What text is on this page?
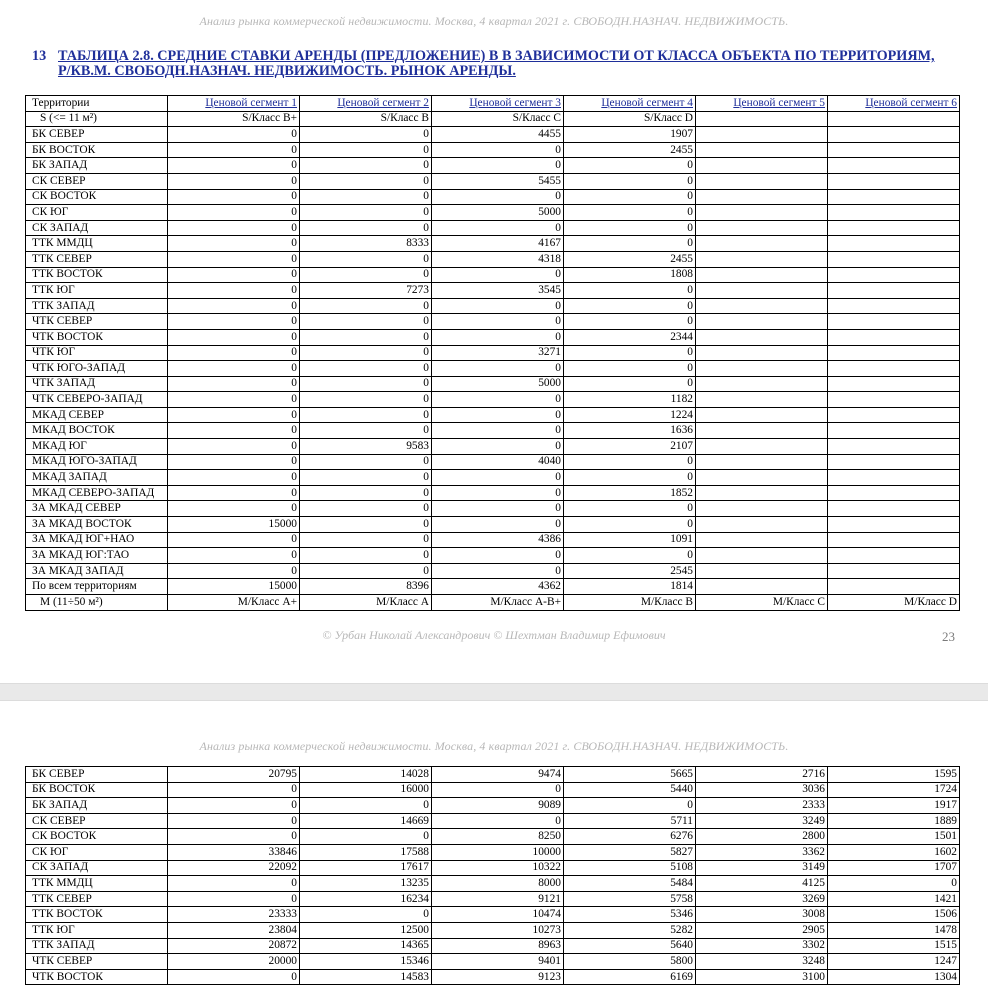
Анализ рынка коммерческой недвижимости. Москва, 4 квартал 2021 г. СВОБОДН.НАЗНАЧ. НЕДВИЖИМОСТЬ.
13 ТАБЛИЦА 2.8. СРЕДНИЕ СТАВКИ АРЕНДЫ (ПРЕДЛОЖЕНИЕ) В В ЗАВИСИМОСТИ ОТ КЛАССА ОБЪЕКТА ПО ТЕРРИТОРИЯМ,
Р/КВ.М. СВОБОДН.НАЗНАЧ. НЕДВИЖИМОСТЬ. РЫНОК АРЕНДЫ.
Территории	Ценовой сегмент 1	Ценовой сегмент 2	Ценовой сегмент 3	Ценовой сегмент 4	Ценовой сегмент 5	Ценовой сегмент 6
S (<= 11 м²)	S/Класс В+	S/Класс В	S/Класс С	S/Класс D		
БК СЕВЕР	0	0	4455	1907		
БК ВОСТОК	0	0	0	2455		
БК ЗАПАД	0	0	0	0		
СК СЕВЕР	0	0	5455	0		
СК ВОСТОК	0	0	0	0		
СК ЮГ	0	0	5000	0		
СК ЗАПАД	0	0	0	0		
ТТК ММДЦ	0	8333	4167	0		
ТТК СЕВЕР	0	0	4318	2455		
ТТК ВОСТОК	0	0	0	1808		
ТТК ЮГ	0	7273	3545	0		
ТТК ЗАПАД	0	0	0	0		
ЧТК СЕВЕР	0	0	0	0		
ЧТК ВОСТОК	0	0	0	2344		
ЧТК ЮГ	0	0	3271	0		
ЧТК ЮГО-ЗАПАД	0	0	0	0		
ЧТК ЗАПАД	0	0	5000	0		
ЧТК СЕВЕРО-ЗАПАД	0	0	0	1182		
МКАД СЕВЕР	0	0	0	1224		
МКАД ВОСТОК	0	0	0	1636		
МКАД ЮГ	0	9583	0	2107		
МКАД ЮГО-ЗАПАД	0	0	4040	0		
МКАД ЗАПАД	0	0	0	0		
МКАД СЕВЕРО-ЗАПАД	0	0	0	1852		
ЗА МКАД СЕВЕР	0	0	0	0		
ЗА МКАД ВОСТОК	15000	0	0	0		
ЗА МКАД ЮГ+НАО	0	0	4386	1091		
ЗА МКАД ЮГ:ТАО	0	0	0	0		
ЗА МКАД ЗАПАД	0	0	0	2545		
По всем территориям	15000	8396	4362	1814		
М (11÷50 м²)	М/Класс А+	М/Класс А	М/Класс А-В+	М/Класс В	М/Класс С	М/Класс D
© Урбан Николай Александрович © Шехтман Владимир Ефимович	23
Анализ рынка коммерческой недвижимости. Москва, 4 квартал 2021 г. СВОБОДН.НАЗНАЧ. НЕДВИЖИМОСТЬ.
БК СЕВЕР	20795	14028	9474	5665	2716	1595
БК ВОСТОК	0	16000	0	5440	3036	1724
БК ЗАПАД	0	0	9089	0	2333	1917
СК СЕВЕР	0	14669	0	5711	3249	1889
СК ВОСТОК	0	0	8250	6276	2800	1501
СК ЮГ	33846	17588	10000	5827	3362	1602
СК ЗАПАД	22092	17617	10322	5108	3149	1707
ТТК ММДЦ	0	13235	8000	5484	4125	0
ТТК СЕВЕР	0	16234	9121	5758	3269	1421
ТТК ВОСТОК	23333	0	10474	5346	3008	1506
ТТК ЮГ	23804	12500	10273	5282	2905	1478
ТТК ЗАПАД	20872	14365	8963	5640	3302	1515
ЧТК СЕВЕР	20000	15346	9401	5800	3248	1247
ЧТК ВОСТОК	0	14583	9123	6169	3100	1304
